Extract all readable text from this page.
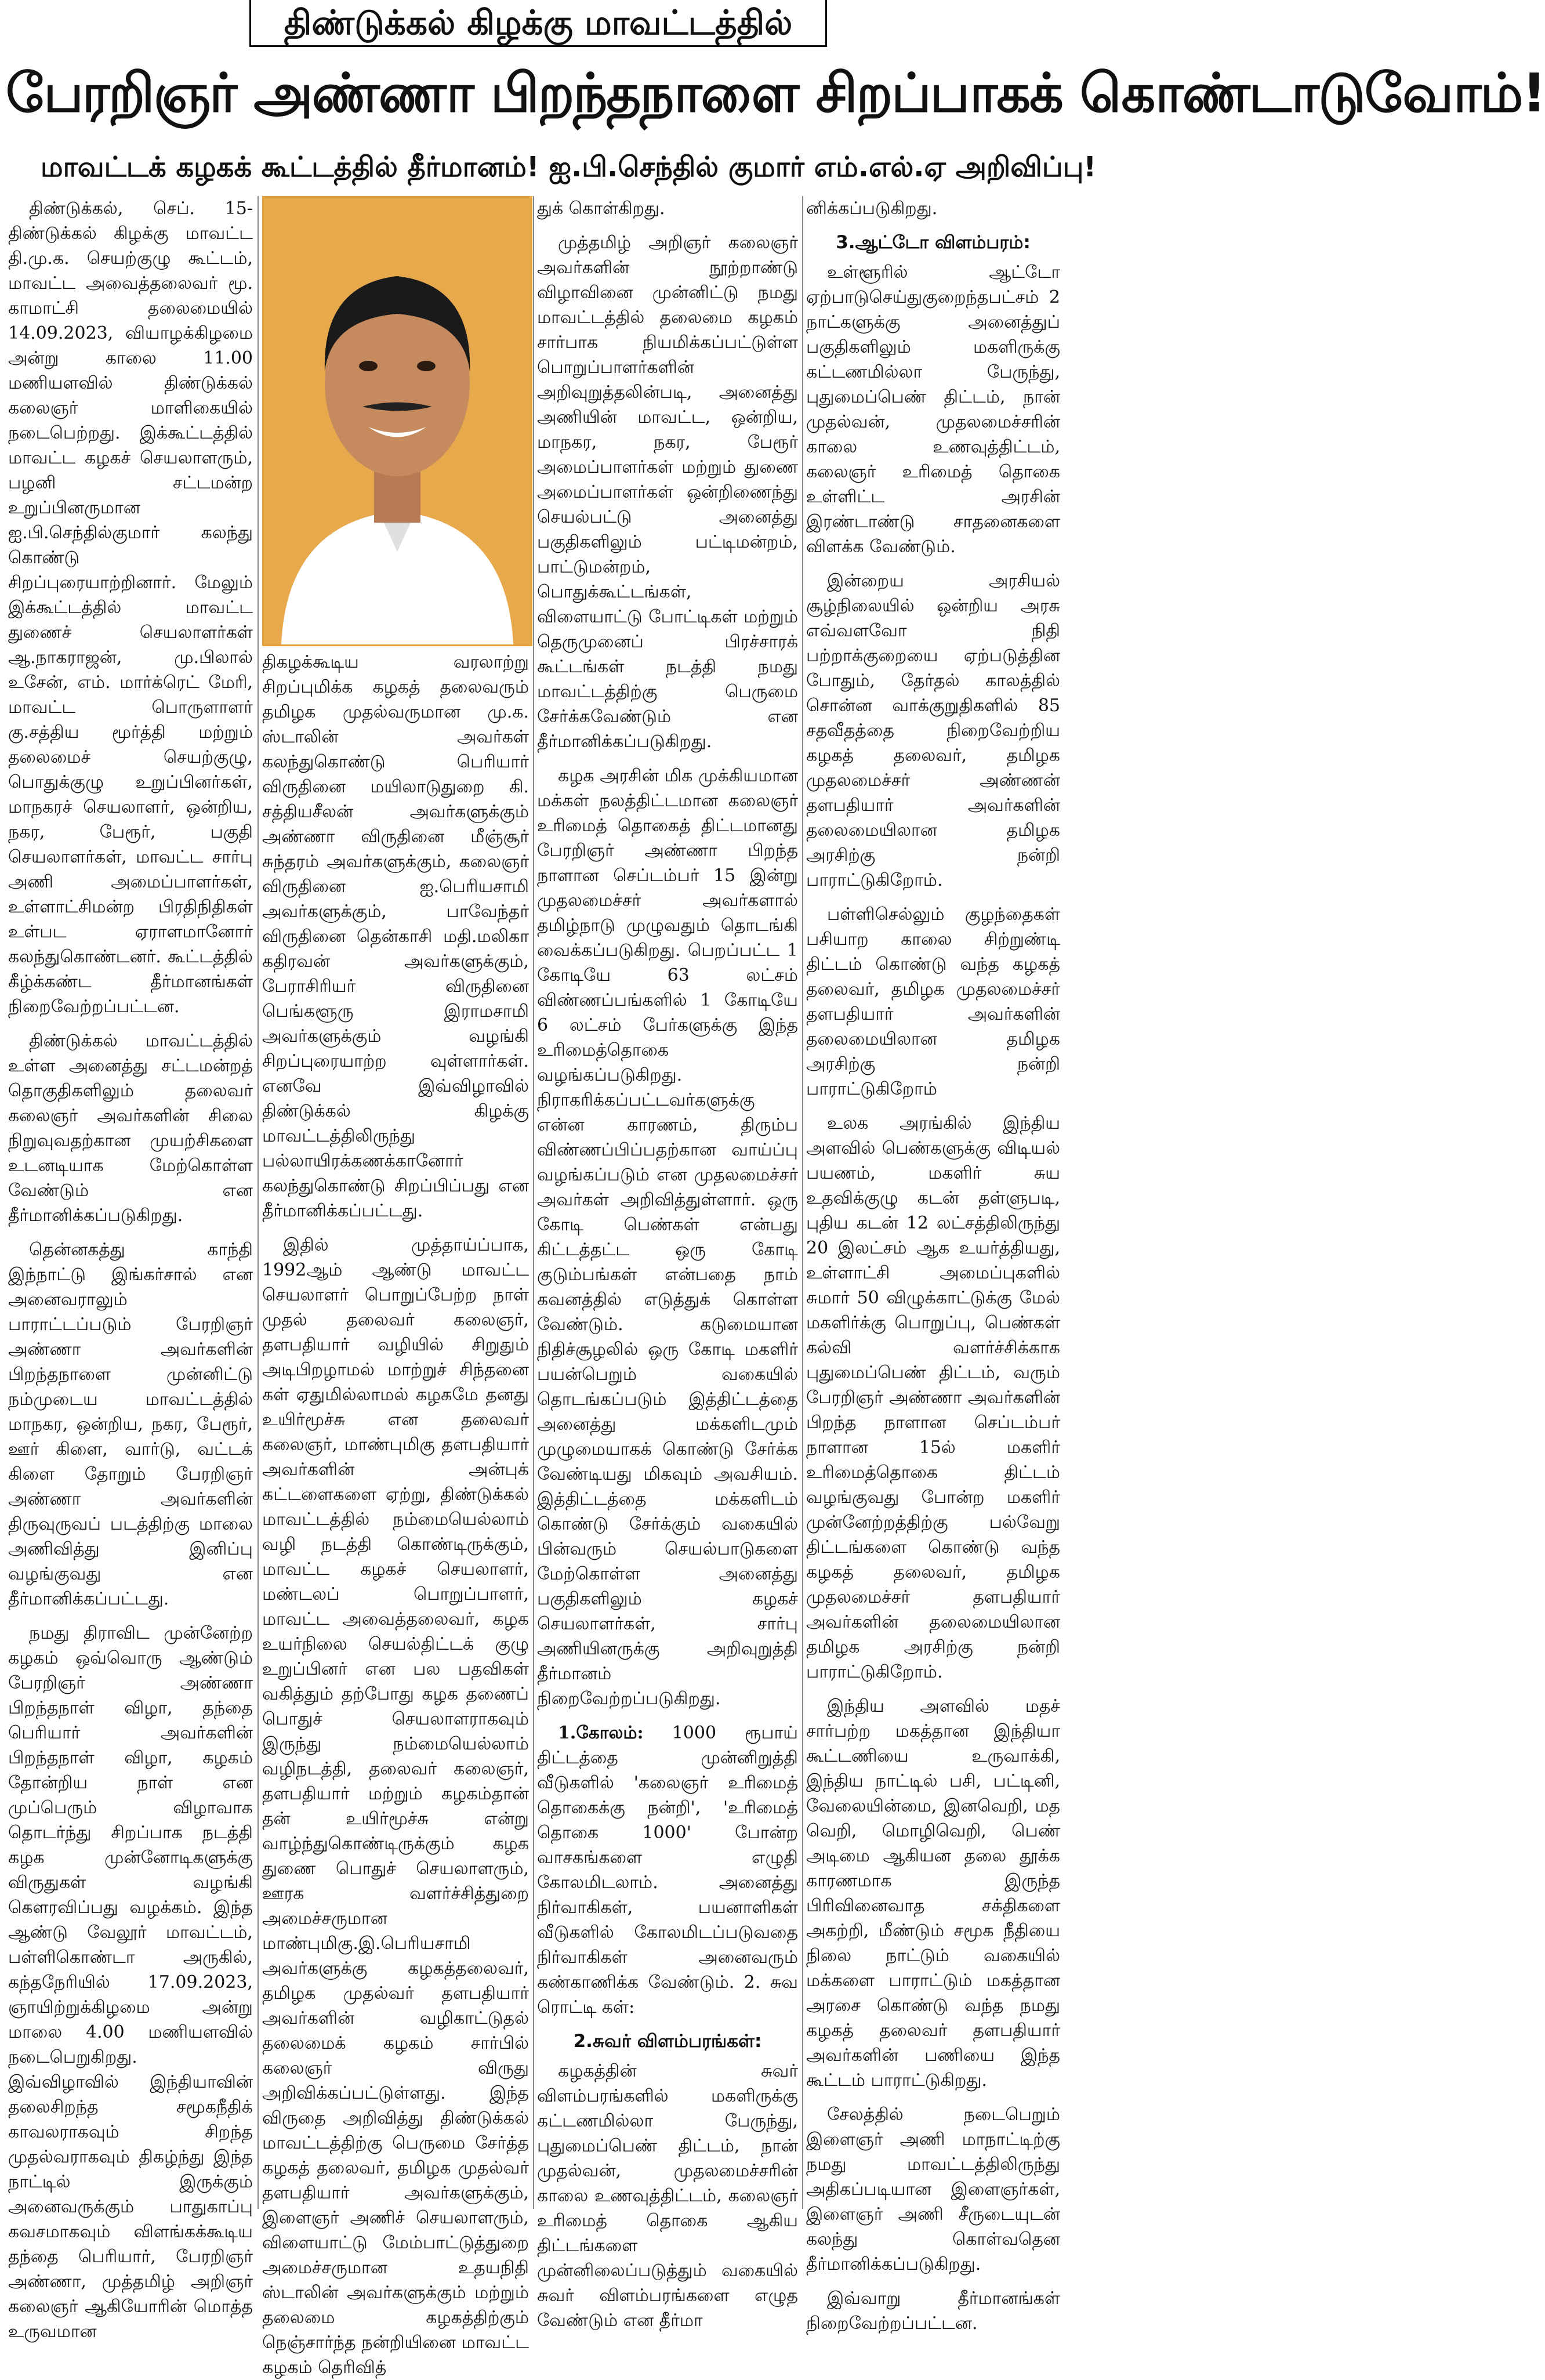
திண்டுக்கல் கிழக்கு மாவட்டத்தில்
பேரறிஞர் அண்ணா பிறந்தநாளை சிறப்பாகக் கொண்டாடுவோம்!
மாவட்டக் கழகக் கூட்டத்தில் தீர்மானம்! ஐ.பி.செந்தில் குமார் எம்.எல்.ஏ அறிவிப்பு!

திண்டுக்கல், செப். 15- திண்டுக்கல் கிழக்கு மாவட்ட தி.மு.க. செயற்குழு கூட்டம், மாவட்ட அவைத்தலைவர் மூ. காமாட்சி தலைமையில் 14.09.2023, வியாழக்கிழமை அன்று காலை 11.00 மணியளவில் திண்டுக்கல் கலைஞர் மாளிகையில் நடைபெற்றது. இக்கூட்டத்தில் மாவட்ட கழகச் செயலாளரும், பழனி சட்டமன்ற உறுப்பினருமான ஐ.பி.செந்தில்குமார் கலந்து கொண்டு சிறப்புரையாற்றினார். மேலும் இக்கூட்டத்தில் மாவட்ட துணைச் செயலாளர்கள் ஆ.நாகராஜன், மு.பிலால் உசேன், எம். மார்க்ரெட் மேரி, மாவட்ட பொருளாளர் கு.சத்திய மூர்த்தி மற்றும் தலைமைச் செயற்குழு, பொதுக்குழு உறுப்பினர்கள், மாநகரச் செயலாளர், ஒன்றிய, நகர, பேரூர், பகுதி செயலாளர்கள், மாவட்ட சார்பு அணி அமைப்பாளர்கள், உள்ளாட்சிமன்ற பிரதிநிதிகள் உள்பட ஏராளமானோர் கலந்துகொண்டனர். கூட்டத்தில் கீழ்க்கண்ட தீர்மானங்கள் நிறைவேற்றப்பட்டன.

திண்டுக்கல் மாவட்டத்தில் உள்ள அனைத்து சட்டமன்றத் தொகுதிகளிலும் தலைவர் கலைஞர் அவர்களின் சிலை நிறுவுவதற்கான முயற்சிகளை உடனடியாக மேற்கொள்ள வேண்டும் என தீர்மானிக்கப்படுகிறது.

தென்னகத்து காந்தி இந்நாட்டு இங்கர்சால் என அனைவராலும் பாராட்டப்படும் பேரறிஞர் அண்ணா அவர்களின் பிறந்தநாளை முன்னிட்டு நம்முடைய மாவட்டத்தில் மாநகர, ஒன்றிய, நகர, பேரூர், ஊர் கிளை, வார்டு, வட்டக் கிளை தோறும் பேரறிஞர் அண்ணா அவர்களின் திருவுருவப் படத்திற்கு மாலை அணிவித்து இனிப்பு வழங்குவது என தீர்மானிக்கப்பட்டது.

நமது திராவிட முன்னேற்ற கழகம் ஒவ்வொரு ஆண்டும் பேரறிஞர் அண்ணா பிறந்தநாள் விழா, தந்தை பெரியார் அவர்களின் பிறந்தநாள் விழா, கழகம் தோன்றிய நாள் என முப்பெரும் விழாவாக தொடர்ந்து சிறப்பாக நடத்தி கழக முன்னோடிகளுக்கு விருதுகள் வழங்கி கௌரவிப்பது வழக்கம். இந்த ஆண்டு வேலூர் மாவட்டம், பள்ளிகொண்டா அருகில், கந்தநேரியில் 17.09.2023, ஞாயிற்றுக்கிழமை அன்று மாலை 4.00 மணியளவில் நடைபெறுகிறது. இவ்விழாவில் இந்தியாவின் தலைசிறந்த சமூகநீதிக் காவலராகவும் சிறந்த முதல்வராகவும் திகழ்ந்து இந்த நாட்டில் இருக்கும் அனைவருக்கும் பாதுகாப்பு கவசமாகவும் விளங்கக்கூடிய தந்தை பெரியார், பேரறிஞர் அண்ணா, முத்தமிழ் அறிஞர் கலைஞர் ஆகியோரின் மொத்த உருவமான

திகழக்கூடிய வரலாற்று சிறப்புமிக்க கழகத் தலைவரும் தமிழக முதல்வருமான மு.க. ஸ்டாலின் அவர்கள் கலந்துகொண்டு பெரியார் விருதினை மயிலாடுதுறை கி. சத்தியசீலன் அவர்களுக்கும் அண்ணா விருதினை மீஞ்சூர் சுந்தரம் அவர்களுக்கும், கலைஞர் விருதினை ஐ.பெரியசாமி அவர்களுக்கும், பாவேந்தர் விருதினை தென்காசி மதி.மலிகா கதிரவன் அவர்களுக்கும், பேராசிரியர் விருதினை பெங்களூரு இராமசாமி அவர்களுக்கும் வழங்கி சிறப்புரையாற்ற வுள்ளார்கள். எனவே இவ்விழாவில் திண்டுக்கல் கிழக்கு மாவட்டத்திலிருந்து பல்லாயிரக்கணக்கானோர் கலந்துகொண்டு சிறப்பிப்பது என தீர்மானிக்கப்பட்டது.

இதில் முத்தாய்ப்பாக, 1992ஆம் ஆண்டு மாவட்ட செயலாளர் பொறுப்பேற்ற நாள் முதல் தலைவர் கலைஞர், தளபதியார் வழியில் சிறுதும் அடிபிறழாமல் மாற்றுச் சிந்தனை கள் ஏதுமில்லாமல் கழகமே தனது உயிர்மூச்சு என தலைவர் கலைஞர், மாண்புமிகு தளபதியார் அவர்களின் அன்புக் கட்டளைகளை ஏற்று, திண்டுக்கல் மாவட்டத்தில் நம்மையெல்லாம் வழி நடத்தி கொண்டிருக்கும், மாவட்ட கழகச் செயலாளர், மண்டலப் பொறுப்பாளர், மாவட்ட அவைத்தலைவர், கழக உயர்நிலை செயல்திட்டக் குழு உறுப்பினர் என பல பதவிகள் வகித்தும் தற்போது கழக தணைப் பொதுச் செயலாளராகவும் இருந்து நம்மையெல்லாம் வழிநடத்தி, தலைவர் கலைஞர், தளபதியார் மற்றும் கழகம்தான் தன் உயிர்மூச்சு என்று வாழ்ந்துகொண்டிருக்கும் கழக துணை பொதுச் செயலாளரும், ஊரக வளர்ச்சித்துறை அமைச்சருமான மாண்புமிகு.இ.பெரியசாமி அவர்களுக்கு கழகத்தலைவர், தமிழக முதல்வர் தளபதியார் அவர்களின் வழிகாட்டுதல் தலைமைக் கழகம் சார்பில் கலைஞர் விருது அறிவிக்கப்பட்டுள்ளது. இந்த விருதை அறிவித்து திண்டுக்கல் மாவட்டத்திற்கு பெருமை சேர்த்த கழகத் தலைவர், தமிழக முதல்வர் தளபதியார் அவர்களுக்கும், இளைஞர் அணிச் செயலாளரும், விளையாட்டு மேம்பாட்டுத்துறை அமைச்சருமான உதயநிதி ஸ்டாலின் அவர்களுக்கும் மற்றும் தலைமை கழகத்திற்கும் நெஞ்சார்ந்த நன்றியினை மாவட்ட கழகம் தெரிவித்

துக் கொள்கிறது.

முத்தமிழ் அறிஞர் கலைஞர் அவர்களின் நூற்றாண்டு விழாவினை முன்னிட்டு நமது மாவட்டத்தில் தலைமை கழகம் சார்பாக நியமிக்கப்பட்டுள்ள பொறுப்பாளர்களின் அறிவுறுத்தலின்படி, அனைத்து அணியின் மாவட்ட, ஒன்றிய, மாநகர, நகர, பேரூர் அமைப்பாளர்கள் மற்றும் துணை அமைப்பாளர்கள் ஒன்றிணைந்து செயல்பட்டு அனைத்து பகுதிகளிலும் பட்டிமன்றம், பாட்டுமன்றம், பொதுக்கூட்டங்கள், விளையாட்டு போட்டிகள் மற்றும் தெருமுனைப் பிரச்சாரக் கூட்டங்கள் நடத்தி நமது மாவட்டத்திற்கு பெருமை சேர்க்கவேண்டும் என தீர்மானிக்கப்படுகிறது.

கழக அரசின் மிக முக்கியமான மக்கள் நலத்திட்டமான கலைஞர் உரிமைத் தொகைத் திட்டமானது பேரறிஞர் அண்ணா பிறந்த நாளான செப்டம்பர் 15 இன்று முதலமைச்சர் அவர்களால் தமிழ்நாடு முழுவதும் தொடங்கி வைக்கப்படுகிறது. பெறப்பட்ட 1 கோடியே 63 லட்சம் விண்ணப்பங்களில் 1 கோடியே 6 லட்சம் பேர்களுக்கு இந்த உரிமைத்தொகை வழங்கப்படுகிறது. நிராகரிக்கப்பட்டவர்களுக்கு என்ன காரணம், திரும்ப விண்ணப்பிப்பதற்கான வாய்ப்பு வழங்கப்படும் என முதலமைச்சர் அவர்கள் அறிவித்துள்ளார். ஒரு கோடி பெண்கள் என்பது கிட்டத்தட்ட ஒரு கோடி குடும்பங்கள் என்பதை நாம் கவனத்தில் எடுத்துக் கொள்ள வேண்டும். கடுமையான நிதிச்சூழலில் ஒரு கோடி மகளிர் பயன்பெறும் வகையில் தொடங்கப்படும் இத்திட்டத்தை அனைத்து மக்களிடமும் முழுமையாகக் கொண்டு சேர்க்க வேண்டியது மிகவும் அவசியம். இத்திட்டத்தை மக்களிடம் கொண்டு சேர்க்கும் வகையில் பின்வரும் செயல்பாடுகளை மேற்கொள்ள அனைத்து பகுதிகளிலும் கழகச் செயலாளர்கள், சார்பு அணியினருக்கு அறிவுறுத்தி தீர்மானம் நிறைவேற்றப்படுகிறது.

1.கோலம்: 1000 ரூபாய் திட்டத்தை முன்னிறுத்தி வீடுகளில் 'கலைஞர் உரிமைத் தொகைக்கு நன்றி', 'உரிமைத் தொகை 1000' போன்ற வாசகங்களை எழுதி கோலமிடலாம். அனைத்து நிர்வாகிகள், பயனாளிகள் வீடுகளில் கோலமிடப்படுவதை நிர்வாகிகள் அனைவரும் கண்காணிக்க வேண்டும். 2. சுவ ரொட்டி கள்:

2.சுவர் விளம்பரங்கள்:

கழகத்தின் சுவர் விளம்பரங்களில் மகளிருக்கு கட்டணமில்லா பேருந்து, புதுமைப்பெண் திட்டம், நான் முதல்வன், முதலமைச்சரின் காலை உணவுத்திட்டம், கலைஞர் உரிமைத் தொகை ஆகிய திட்டங்களை முன்னிலைப்படுத்தும் வகையில் சுவர் விளம்பரங்களை எழுத வேண்டும் என தீர்மா

னிக்கப்படுகிறது.

3.ஆட்டோ விளம்பரம்:

உள்ளூரில் ஆட்டோ ஏற்பாடுசெய்துகுறைந்தபட்சம் 2 நாட்களுக்கு அனைத்துப் பகுதிகளிலும் மகளிருக்கு கட்டணமில்லா பேருந்து, புதுமைப்பெண் திட்டம், நான் முதல்வன், முதலமைச்சரின் காலை உணவுத்திட்டம், கலைஞர் உரிமைத் தொகை உள்ளிட்ட அரசின் இரண்டாண்டு சாதனைகளை விளக்க வேண்டும்.

இன்றைய அரசியல் சூழ்நிலையில் ஒன்றிய அரசு எவ்வளவோ நிதி பற்றாக்குறையை ஏற்படுத்தின போதும், தேர்தல் காலத்தில் சொன்ன வாக்குறுதிகளில் 85 சதவீதத்தை நிறைவேற்றிய கழகத் தலைவர், தமிழக முதலமைச்சர் அண்ணன் தளபதியார் அவர்களின் தலைமையிலான தமிழக அரசிற்கு நன்றி பாராட்டுகிறோம்.

பள்ளிசெல்லும் குழந்தைகள் பசியாற காலை சிற்றுண்டி திட்டம் கொண்டு வந்த கழகத் தலைவர், தமிழக முதலமைச்சர் தளபதியார் அவர்களின் தலைமையிலான தமிழக அரசிற்கு நன்றி பாராட்டுகிறோம்

உலக அரங்கில் இந்திய அளவில் பெண்களுக்கு விடியல் பயணம், மகளிர் சுய உதவிக்குழு கடன் தள்ளுபடி, புதிய கடன் 12 லட்சத்திலிருந்து 20 இலட்சம் ஆக உயர்த்தியது, உள்ளாட்சி அமைப்புகளில் சுமார் 50 விழுக்காட்டுக்கு மேல் மகளிர்க்கு பொறுப்பு, பெண்கள் கல்வி வளர்ச்சிக்காக புதுமைப்பெண் திட்டம், வரும் பேரறிஞர் அண்ணா அவர்களின் பிறந்த நாளான செப்டம்பர் நாளான 15ல் மகளிர் உரிமைத்தொகை திட்டம் வழங்குவது போன்ற மகளிர் முன்னேற்றத்திற்கு பல்வேறு திட்டங்களை கொண்டு வந்த கழகத் தலைவர், தமிழக முதலமைச்சர் தளபதியார் அவர்களின் தலைமையிலான தமிழக அரசிற்கு நன்றி பாராட்டுகிறோம்.

இந்திய அளவில் மதச் சார்பற்ற மகத்தான இந்தியா கூட்டணியை உருவாக்கி, இந்திய நாட்டில் பசி, பட்டினி, வேலையின்மை, இனவெறி, மத வெறி, மொழிவெறி, பெண் அடிமை ஆகியன தலை தூக்க காரணமாக இருந்த பிரிவினைவாத சக்திகளை அகற்றி, மீண்டும் சமூக நீதியை நிலை நாட்டும் வகையில் மக்களை பாராட்டும் மகத்தான அரசை கொண்டு வந்த நமது கழகத் தலைவர் தளபதியார் அவர்களின் பணியை இந்த கூட்டம் பாராட்டுகிறது.

சேலத்தில் நடைபெறும் இளைஞர் அணி மாநாட்டிற்கு நமது மாவட்டத்திலிருந்து அதிகப்படியான இளைஞர்கள், இளைஞர் அணி சீருடையுடன் கலந்து கொள்வதென தீர்மானிக்கப்படுகிறது.

இவ்வாறு தீர்மானங்கள் நிறைவேற்றப்பட்டன.
